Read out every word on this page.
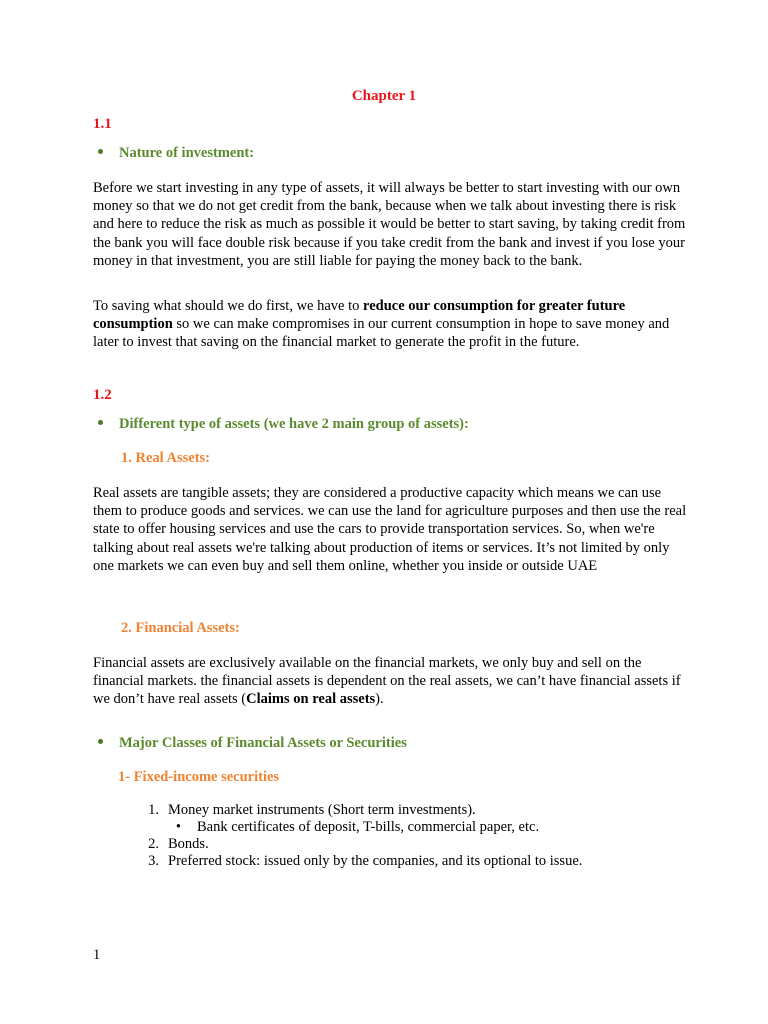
Chapter 1
1.1
Nature of investment:

Before we start investing in any type of assets, it will always be better to start investing with our own money so that we do not get credit from the bank, because when we talk about investing there is risk and here to reduce the risk as much as possible it would be better to start saving, by taking credit from the bank you will face double risk because if you take credit from the bank and invest if you lose your money in that investment, you are still liable for paying the money back to the bank.

To saving what should we do first, we have to reduce our consumption for greater future consumption so we can make compromises in our current consumption in hope to save money and later to invest that saving on the financial market to generate the profit in the future.

1.2
Different type of assets (we have 2 main group of assets):
1. Real Assets:

Real assets are tangible assets; they are considered a productive capacity which means we can use them to produce goods and services. we can use the land for agriculture purposes and then use the real state to offer housing services and use the cars to provide transportation services. So, when we're talking about real assets we're talking about production of items or services. It’s not limited by only one markets we can even buy and sell them online, whether you inside or outside UAE

2. Financial Assets:

Financial assets are exclusively available on the financial markets, we only buy and sell on the financial markets. the financial assets is dependent on the real assets, we can’t have financial assets if we don’t have real assets (Claims on real assets).

Major Classes of Financial Assets or Securities
1- Fixed-income securities
1. Money market instruments (Short term investments).
• Bank certificates of deposit, T-bills, commercial paper, etc.
2. Bonds.
3. Preferred stock: issued only by the companies, and its optional to issue.
1
